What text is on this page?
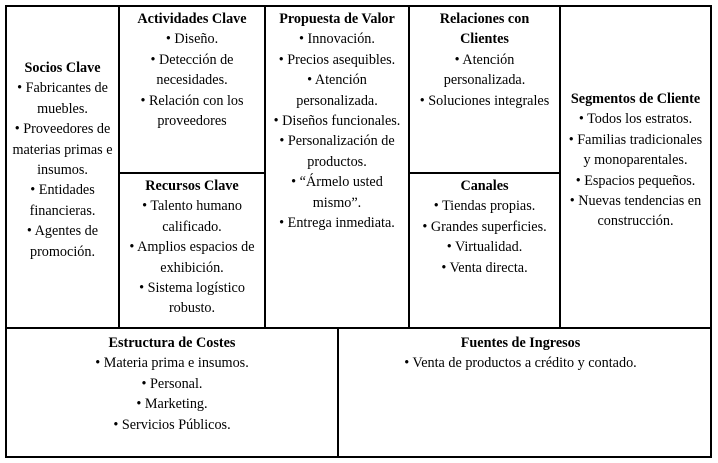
Socios Clave
• Fabricantes de muebles.
• Proveedores de materias primas e insumos.
• Entidades financieras.
• Agentes de promoción.
Actividades Clave
• Diseño.
• Detección de necesidades.
• Relación con los proveedores
Recursos Clave
• Talento humano calificado.
• Amplios espacios de exhibición.
• Sistema logístico robusto.
Propuesta de Valor
• Innovación.
• Precios asequibles.
• Atención personalizada.
• Diseños funcionales.
• Personalización de productos.
• “Ármelo usted mismo”.
• Entrega inmediata.
Relaciones con Clientes
• Atención personalizada.
• Soluciones integrales
Canales
• Tiendas propias.
• Grandes superficies.
• Virtualidad.
• Venta directa.
Segmentos de Cliente
• Todos los estratos.
• Familias tradicionales y monoparentales.
• Espacios pequeños.
• Nuevas tendencias en construcción.
Estructura de Costes
• Materia prima e insumos.
• Personal.
• Marketing.
• Servicios Públicos.
Fuentes de Ingresos
• Venta de productos a crédito y contado.
